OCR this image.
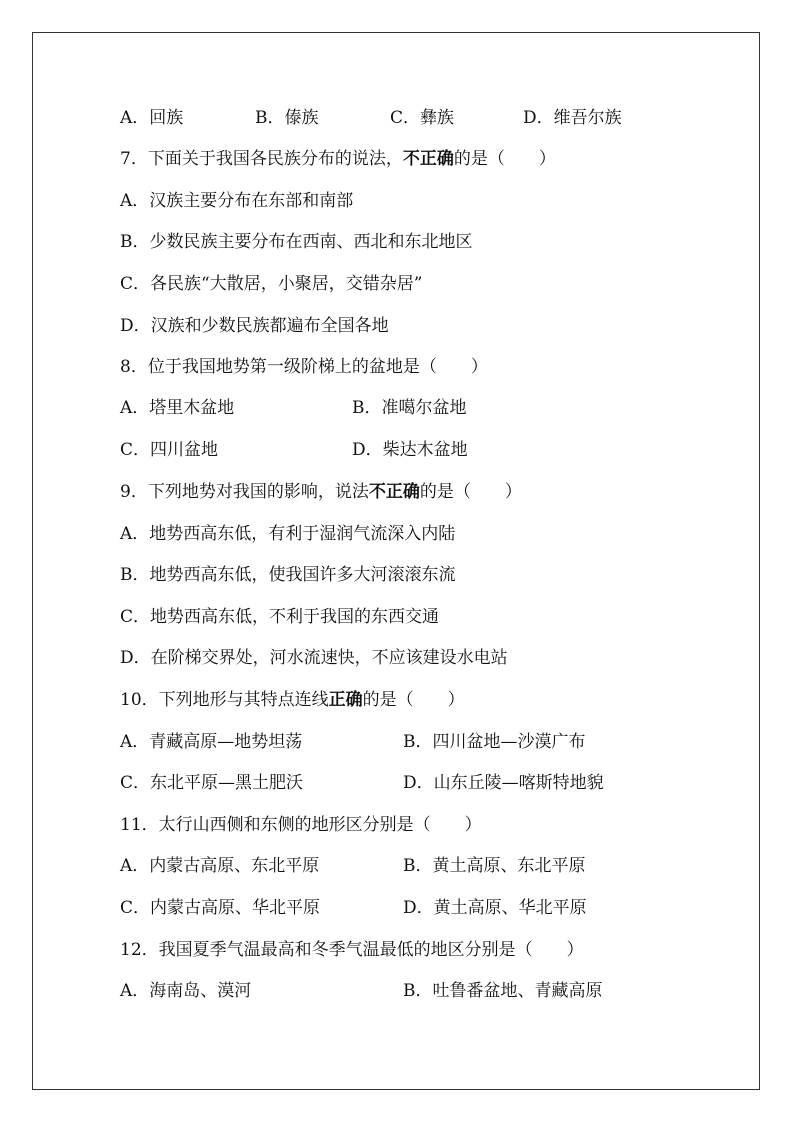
A．回族	B．傣族	C．彝族	D．维吾尔族
7．下面关于我国各民族分布的说法，不正确的是（　　）
A．汉族主要分布在东部和南部
B．少数民族主要分布在西南、西北和东北地区
C．各民族“大散居，小聚居，交错杂居”
D．汉族和少数民族都遍布全国各地
8．位于我国地势第一级阶梯上的盆地是（　　）
A．塔里木盆地	B．准噶尔盆地
C．四川盆地	D．柴达木盆地
9．下列地势对我国的影响，说法不正确的是（　　）
A．地势西高东低，有利于湿润气流深入内陆
B．地势西高东低，使我国许多大河滚滚东流
C．地势西高东低，不利于我国的东西交通
D．在阶梯交界处，河水流速快，不应该建设水电站
10．下列地形与其特点连线正确的是（　　）
A．青藏高原—地势坦荡	B．四川盆地—沙漠广布
C．东北平原—黑土肥沃	D．山东丘陵—喀斯特地貌
11．太行山西侧和东侧的地形区分别是（　　）
A．内蒙古高原、东北平原	B．黄土高原、东北平原
C．内蒙古高原、华北平原	D．黄土高原、华北平原
12．我国夏季气温最高和冬季气温最低的地区分别是（　　）
A．海南岛、漠河	B．吐鲁番盆地、青藏高原
